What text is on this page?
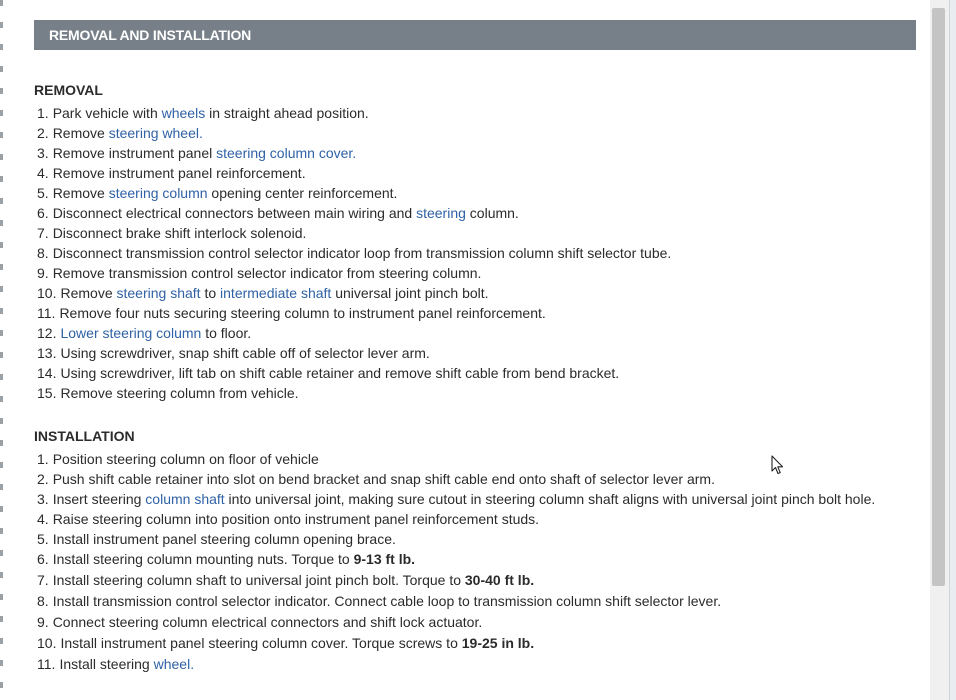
REMOVAL AND INSTALLATION
REMOVAL
1. Park vehicle with wheels in straight ahead position.
2. Remove steering wheel.
3. Remove instrument panel steering column cover.
4. Remove instrument panel reinforcement.
5. Remove steering column opening center reinforcement.
6. Disconnect electrical connectors between main wiring and steering column.
7. Disconnect brake shift interlock solenoid.
8. Disconnect transmission control selector indicator loop from transmission column shift selector tube.
9. Remove transmission control selector indicator from steering column.
10. Remove steering shaft to intermediate shaft universal joint pinch bolt.
11. Remove four nuts securing steering column to instrument panel reinforcement.
12. Lower steering column to floor.
13. Using screwdriver, snap shift cable off of selector lever arm.
14. Using screwdriver, lift tab on shift cable retainer and remove shift cable from bend bracket.
15. Remove steering column from vehicle.
INSTALLATION
1. Position steering column on floor of vehicle
2. Push shift cable retainer into slot on bend bracket and snap shift cable end onto shaft of selector lever arm.
3. Insert steering column shaft into universal joint, making sure cutout in steering column shaft aligns with universal joint pinch bolt hole.
4. Raise steering column into position onto instrument panel reinforcement studs.
5. Install instrument panel steering column opening brace.
6. Install steering column mounting nuts. Torque to 9-13 ft lb.
7. Install steering column shaft to universal joint pinch bolt. Torque to 30-40 ft lb.
8. Install transmission control selector indicator. Connect cable loop to transmission column shift selector lever.
9. Connect steering column electrical connectors and shift lock actuator.
10. Install instrument panel steering column cover. Torque screws to 19-25 in lb.
11. Install steering wheel.
